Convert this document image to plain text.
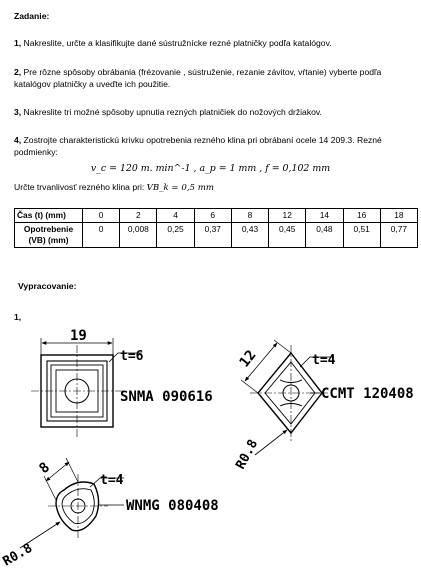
Zadanie:
1, Nakreslite, určte a klasifikujte dané sústružnícke rezné platničky podľa katalógov.
2, Pre rôzne spôsoby obrábania (frézovanie , sústruženie, rezanie závitov, vŕtanie) vyberte podľa katalógov platničky a uveďte ich použitie.
3, Nakreslite tri možné spôsoby upnutia rezných platničiek do nožových držiakov.
4, Zostrojte charakteristickú krivku opotrebenia rezného klina pri obrábaní ocele 14 209.3. Rezné podmienky:
v_c = 120 m. min^-1 , a_p = 1 mm , f = 0,102 mm
Určte trvanlivosť rezného klina pri: VB_k = 0,5 mm
Čas (t) (mm)	0	2	4	6	8	12	14	16	18
Opotrebenie (VB) (mm)	0	0,008	0,25	0,37	0,43	0,45	0,48	0,51	0,77
Vypracovanie:
1,
19
t=6
SNMA 090616
12	t=4
CCMT 120408
R0.8
8
t=4
WNMG 080408
R0.8
